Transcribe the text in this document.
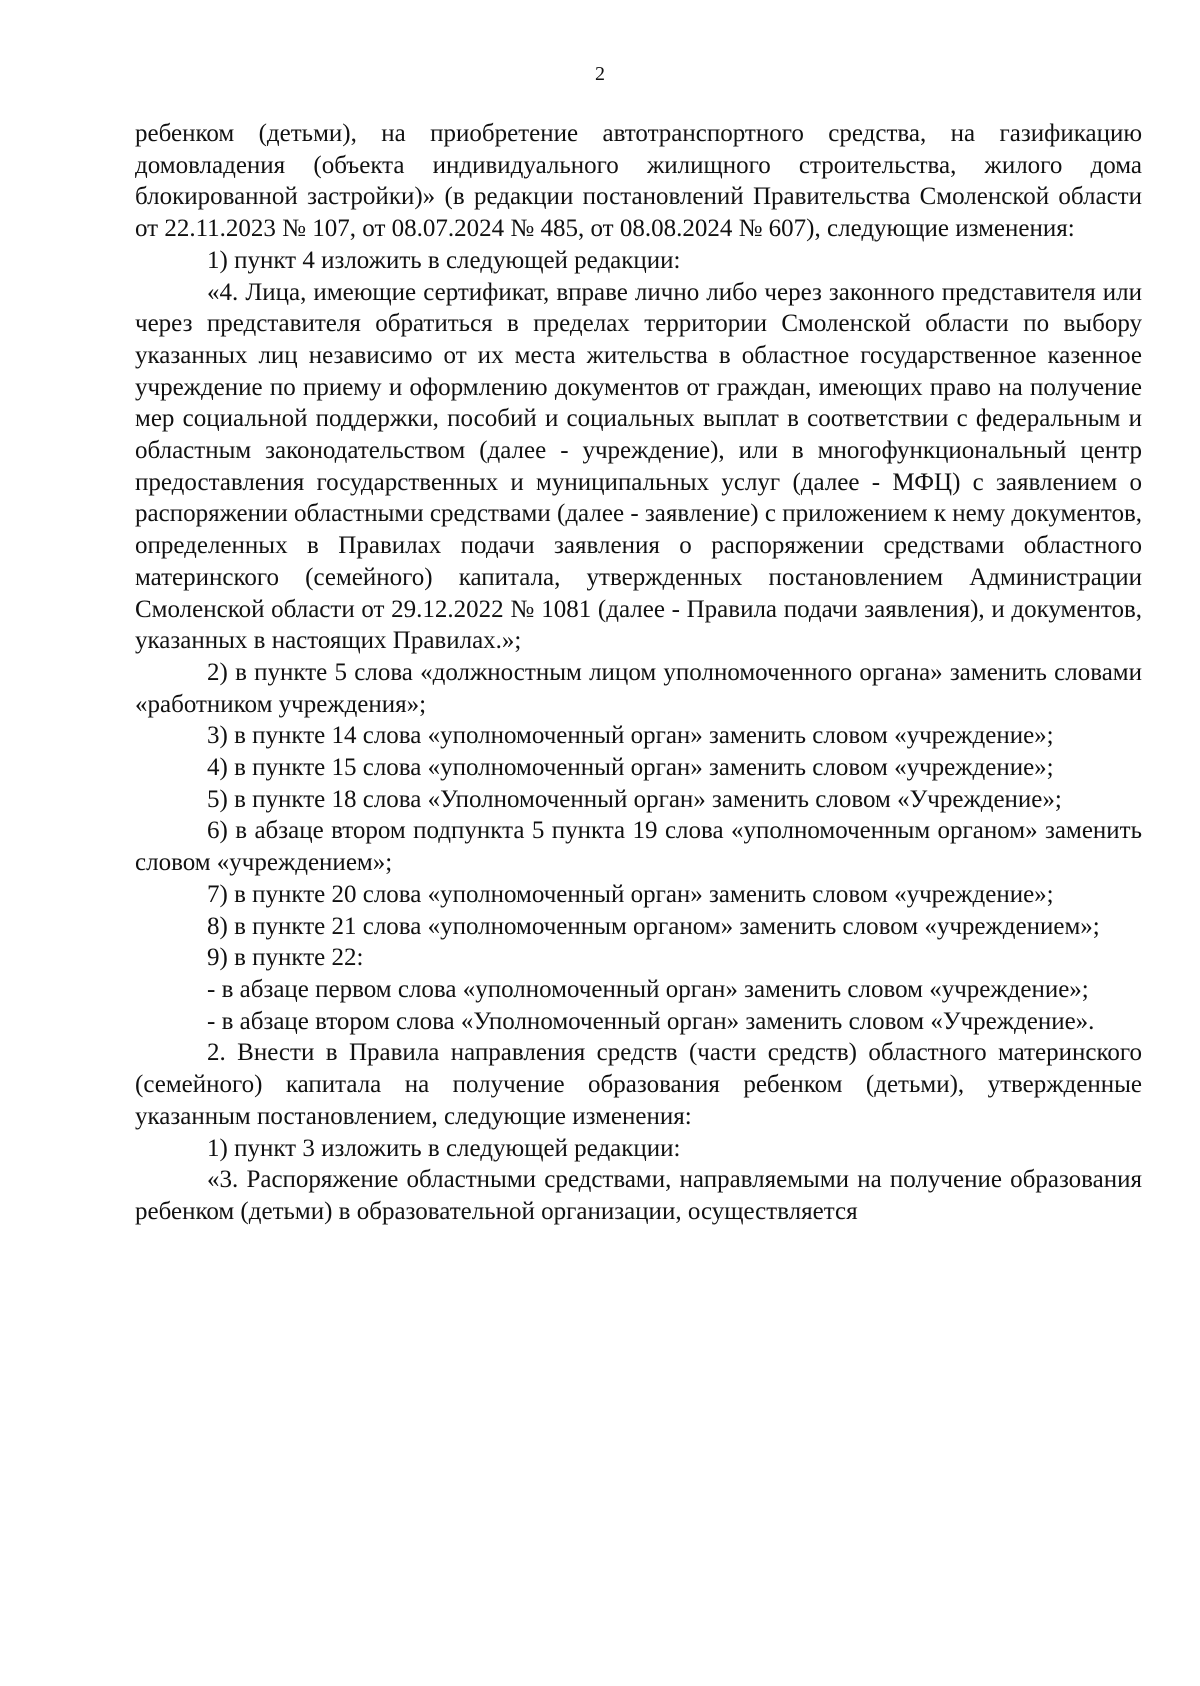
2

ребенком (детьми), на приобретение автотранспортного средства, на газификацию домовладения (объекта индивидуального жилищного строительства, жилого дома блокированной застройки)» (в редакции постановлений Правительства Смоленской области от 22.11.2023 № 107, от 08.07.2024 № 485, от 08.08.2024 № 607), следующие изменения:

1) пункт 4 изложить в следующей редакции:

«4. Лица, имеющие сертификат, вправе лично либо через законного представителя или через представителя обратиться в пределах территории Смоленской области по выбору указанных лиц независимо от их места жительства в областное государственное казенное учреждение по приему и оформлению документов от граждан, имеющих право на получение мер социальной поддержки, пособий и социальных выплат в соответствии с федеральным и областным законодательством (далее - учреждение), или в многофункциональный центр предоставления государственных и муниципальных услуг (далее - МФЦ) с заявлением о распоряжении областными средствами (далее - заявление) с приложением к нему документов, определенных в Правилах подачи заявления о распоряжении средствами областного материнского (семейного) капитала, утвержденных постановлением Администрации Смоленской области от 29.12.2022 № 1081 (далее - Правила подачи заявления), и документов, указанных в настоящих Правилах.»;

2) в пункте 5 слова «должностным лицом уполномоченного органа» заменить словами «работником учреждения»;

3) в пункте 14 слова «уполномоченный орган» заменить словом «учреждение»;

4) в пункте 15 слова «уполномоченный орган» заменить словом «учреждение»;

5) в пункте 18 слова «Уполномоченный орган» заменить словом «Учреждение»;

6) в абзаце втором подпункта 5 пункта 19 слова «уполномоченным органом» заменить словом «учреждением»;

7) в пункте 20 слова «уполномоченный орган» заменить словом «учреждение»;

8) в пункте 21 слова «уполномоченным органом» заменить словом «учреждением»;

9) в пункте 22:

- в абзаце первом слова «уполномоченный орган» заменить словом «учреждение»;

- в абзаце втором слова «Уполномоченный орган» заменить словом «Учреждение».

2. Внести в Правила направления средств (части средств) областного материнского (семейного) капитала на получение образования ребенком (детьми), утвержденные указанным постановлением, следующие изменения:

1) пункт 3 изложить в следующей редакции:

«3. Распоряжение областными средствами, направляемыми на получение образования ребенком (детьми) в образовательной организации, осуществляется
